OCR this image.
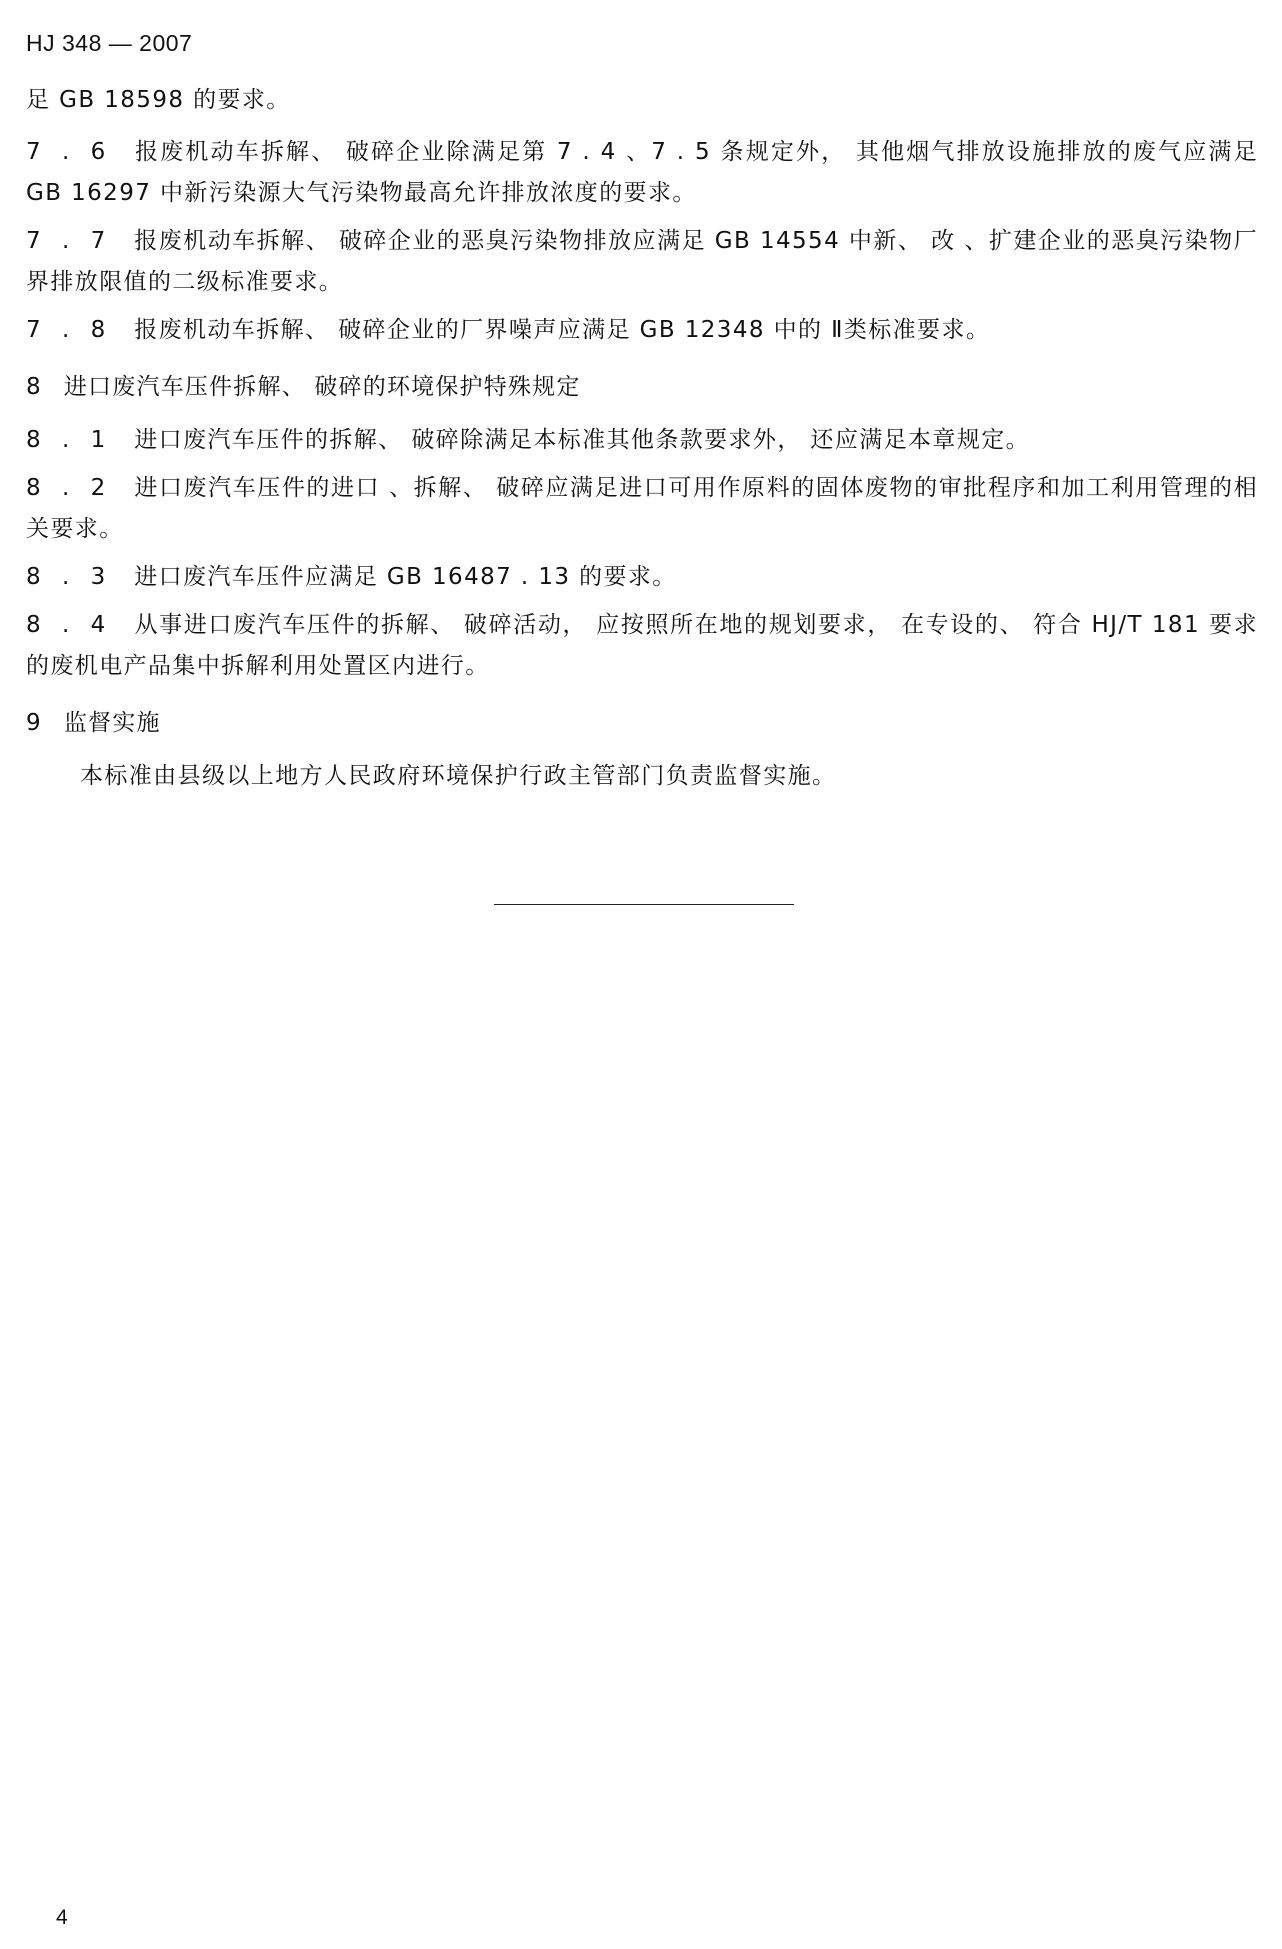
HJ 348 — 2007

足 GB 18598 的要求。

7 . 6 报废机动车拆解、 破碎企业除满足第 7 . 4 、7 . 5 条规定外， 其他烟气排放设施排放的废气应满足 GB 16297 中新污染源大气污染物最高允许排放浓度的要求。

7 . 7 报废机动车拆解、 破碎企业的恶臭污染物排放应满足 GB 14554 中新、 改 、扩建企业的恶臭污染物厂界排放限值的二级标准要求。

7 . 8 报废机动车拆解、 破碎企业的厂界噪声应满足 GB 12348 中的 Ⅱ类标准要求。

8 进口废汽车压件拆解、 破碎的环境保护特殊规定

8 . 1 进口废汽车压件的拆解、 破碎除满足本标准其他条款要求外， 还应满足本章规定。

8 . 2 进口废汽车压件的进口 、拆解、 破碎应满足进口可用作原料的固体废物的审批程序和加工利用管理的相关要求。

8 . 3 进口废汽车压件应满足 GB 16487 . 13 的要求。

8 . 4 从事进口废汽车压件的拆解、 破碎活动， 应按照所在地的规划要求， 在专设的、 符合 HJ/T 181 要求的废机电产品集中拆解利用处置区内进行。

9 监督实施

本标准由县级以上地方人民政府环境保护行政主管部门负责监督实施。

4
